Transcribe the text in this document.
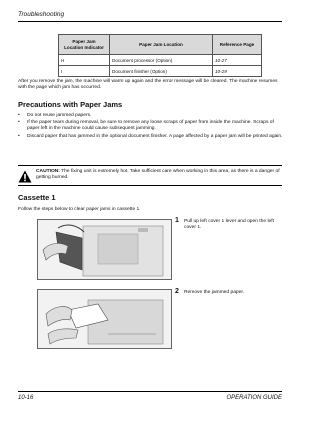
Troubleshooting
Paper Jam
Location Indicator	Paper Jam Location	Reference Page
H	Document processor (Option)	10-27
I	Document finisher (Option)	10-29
After you remove the jam, the machine will warm up again and the error message will be cleared. The machine resumes with the page which jam has occurred.
Precautions with Paper Jams
• Do not reuse jammed papers.
• If the paper tears during removal, be sure to remove any loose scraps of paper from inside the machine. Scraps of paper left in the machine could cause subsequent jamming.
• Discard paper that has jammed in the optional document finisher. A page affected by a paper jam will be printed again.
CAUTION: The fixing unit is extremely hot. Take sufficient care when working in this area, as there is a danger of getting burned.
Cassette 1
Follow the steps below to clear paper jams in cassette 1.
1 Pull up left cover 1 lever and open the left cover 1.
2 Remove the jammed paper.
10-16	OPERATION GUIDE
